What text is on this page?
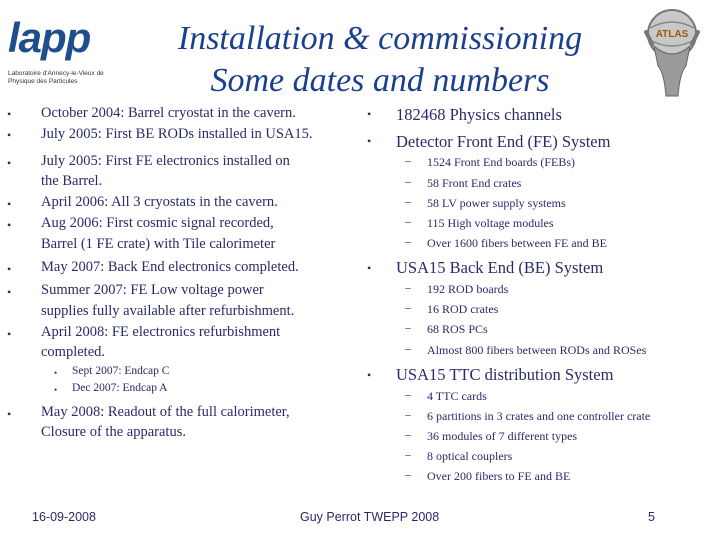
lapp
Laboratoire d'Annecy-le-Vieux de Physique des Particules
ATLAS
Installation & commissioning
Some dates and numbers
• October 2004: Barrel cryostat in the cavern.
• July 2005: First BE RODs installed in USA15.
• July 2005: First FE electronics installed on
the Barrel.
• April 2006: All 3 cryostats in the cavern.
• Aug 2006: First cosmic signal recorded,
Barrel (1 FE crate) with Tile calorimeter
• May 2007: Back End electronics completed.
• Summer 2007: FE Low voltage power
supplies fully available after refurbishment.
• April 2008: FE electronics refurbishment
completed.
• Sept 2007: Endcap C
• Dec 2007: Endcap A
• May 2008: Readout of the full calorimeter,
Closure of the apparatus.
• 182468 Physics channels
• Detector Front End (FE) System
– 1524 Front End boards (FEBs)
– 58 Front End crates
– 58 LV power supply systems
– 115 High voltage modules
– Over 1600 fibers between FE and BE
• USA15 Back End (BE) System
– 192 ROD boards
– 16 ROD crates
– 68 ROS PCs
– Almost 800 fibers between RODs and ROSes
• USA15 TTC distribution System
– 4 TTC cards
– 6 partitions in 3 crates and one controller crate
– 36 modules of 7 different types
– 8 optical couplers
– Over 200 fibers to FE and BE
16-09-2008	Guy Perrot TWEPP 2008	5
